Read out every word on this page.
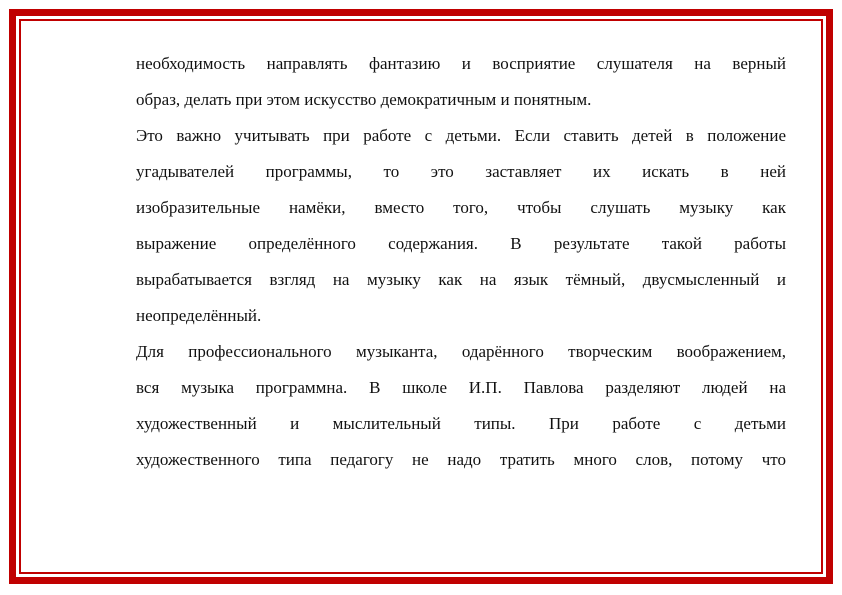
необходимость направлять фантазию и восприятие слушателя на верный
образ, делать при этом искусство демократичным и понятным.
Это важно учитывать при работе с детьми. Если ставить детей в положение
угадывателей программы, то это заставляет их искать в ней
изобразительные намёки, вместо того, чтобы слушать музыку как
выражение определённого содержания. В результате такой работы
вырабатывается взгляд на музыку как на язык тёмный, двусмысленный и
неопределённый.
Для профессионального музыканта, одарённого творческим воображением,
вся музыка программна. В школе И.П. Павлова разделяют людей на
художественный и мыслительный типы. При работе с детьми
художественного типа педагогу не надо тратить много слов, потому что
